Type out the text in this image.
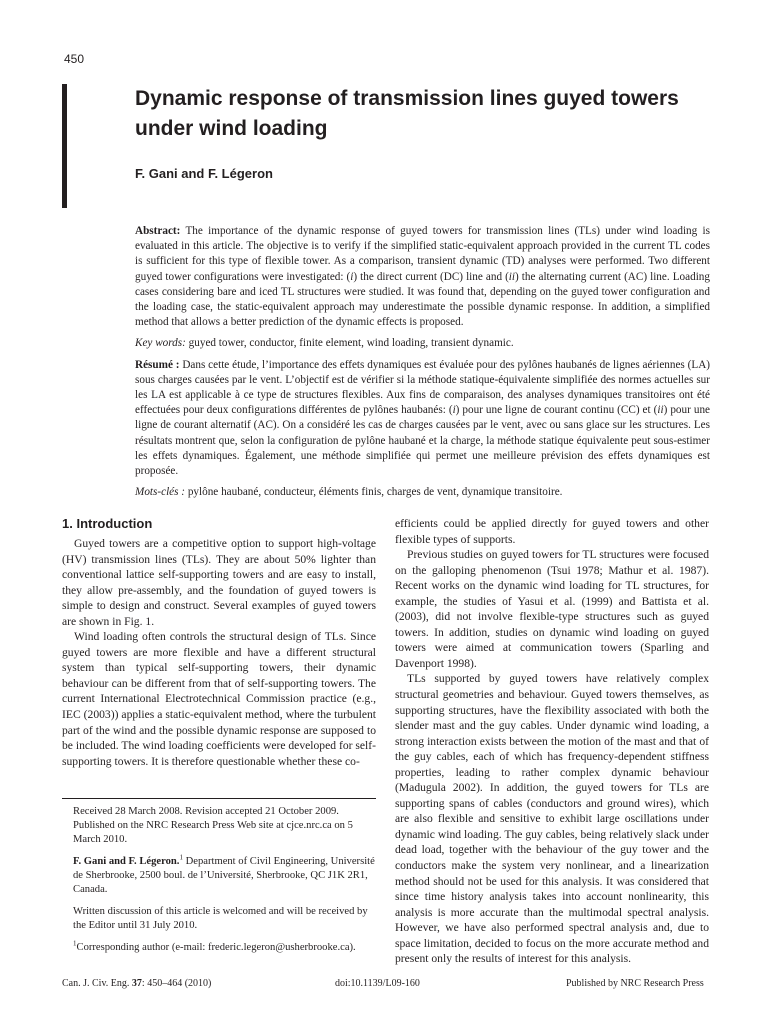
450
Dynamic response of transmission lines guyed towers under wind loading
F. Gani and F. Légeron

Abstract: The importance of the dynamic response of guyed towers for transmission lines (TLs) under wind loading is evaluated in this article. The objective is to verify if the simplified static-equivalent approach provided in the current TL codes is sufficient for this type of flexible tower. As a comparison, transient dynamic (TD) analyses were performed. Two different guyed tower configurations were investigated: (i) the direct current (DC) line and (ii) the alternating current (AC) line. Loading cases considering bare and iced TL structures were studied. It was found that, depending on the guyed tower configuration and the loading case, the static-equivalent approach may underestimate the possible dynamic response. In addition, a simplified method that allows a better prediction of the dynamic effects is proposed.

Key words: guyed tower, conductor, finite element, wind loading, transient dynamic.

Résumé : Dans cette étude, l’importance des effets dynamiques est évaluée pour des pylônes haubanés de lignes aériennes (LA) sous charges causées par le vent. L’objectif est de vérifier si la méthode statique-équivalente simplifiée des normes actuelles sur les LA est applicable à ce type de structures flexibles. Aux fins de comparaison, des analyses dynamiques transitoires ont été effectuées pour deux configurations différentes de pylônes haubanés: (i) pour une ligne de courant continu (CC) et (ii) pour une ligne de courant alternatif (AC). On a considéré les cas de charges causées par le vent, avec ou sans glace sur les structures. Les résultats montrent que, selon la configuration de pylône haubané et la charge, la méthode statique équivalente peut sous-estimer les effets dynamiques. Également, une méthode simplifiée qui permet une meilleure prévision des effets dynamiques est proposée.

Mots-clés : pylône haubané, conducteur, éléments finis, charges de vent, dynamique transitoire.

1. Introduction

Guyed towers are a competitive option to support high-voltage (HV) transmission lines (TLs). They are about 50% lighter than conventional lattice self-supporting towers and are easy to install, they allow pre-assembly, and the foundation of guyed towers is simple to design and construct. Several examples of guyed towers are shown in Fig. 1.

Wind loading often controls the structural design of TLs. Since guyed towers are more flexible and have a different structural system than typical self-supporting towers, their dynamic behaviour can be different from that of self-supporting towers. The current International Electrotechnical Commission practice (e.g., IEC (2003)) applies a static-equivalent method, where the turbulent part of the wind and the possible dynamic response are supposed to be included. The wind loading coefficients were developed for self-supporting towers. It is therefore questionable whether these co-

Received 28 March 2008. Revision accepted 21 October 2009. Published on the NRC Research Press Web site at cjce.nrc.ca on 5 March 2010.

F. Gani and F. Légeron.$^1$ Department of Civil Engineering, Université de Sherbrooke, 2500 boul. de l’Université, Sherbrooke, QC J1K 2R1, Canada.

Written discussion of this article is welcomed and will be received by the Editor until 31 July 2010.

$^1$Corresponding author (e-mail: frederic.legeron@usherbrooke.ca).

efficients could be applied directly for guyed towers and other flexible types of supports.

Previous studies on guyed towers for TL structures were focused on the galloping phenomenon (Tsui 1978; Mathur et al. 1987). Recent works on the dynamic wind loading for TL structures, for example, the studies of Yasui et al. (1999) and Battista et al. (2003), did not involve flexible-type structures such as guyed towers. In addition, studies on dynamic wind loading on guyed towers were aimed at communication towers (Sparling and Davenport 1998).

TLs supported by guyed towers have relatively complex structural geometries and behaviour. Guyed towers themselves, as supporting structures, have the flexibility associated with both the slender mast and the guy cables. Under dynamic wind loading, a strong interaction exists between the motion of the mast and that of the guy cables, each of which has frequency-dependent stiffness properties, leading to rather complex dynamic behaviour (Madugula 2002). In addition, the guyed towers for TLs are supporting spans of cables (conductors and ground wires), which are also flexible and sensitive to exhibit large oscillations under dynamic wind loading. The guy cables, being relatively slack under dead load, together with the behaviour of the guy tower and the conductors make the system very nonlinear, and a linearization method should not be used for this analysis. It was considered that since time history analysis takes into account nonlinearity, this analysis is more accurate than the multimodal spectral analysis. However, we have also performed spectral analysis and, due to space limitation, decided to focus on the more accurate method and present only the results of interest for this analysis.

Can. J. Civ. Eng. 37: 450–464 (2010)	doi:10.1139/L09-160	Published by NRC Research Press
